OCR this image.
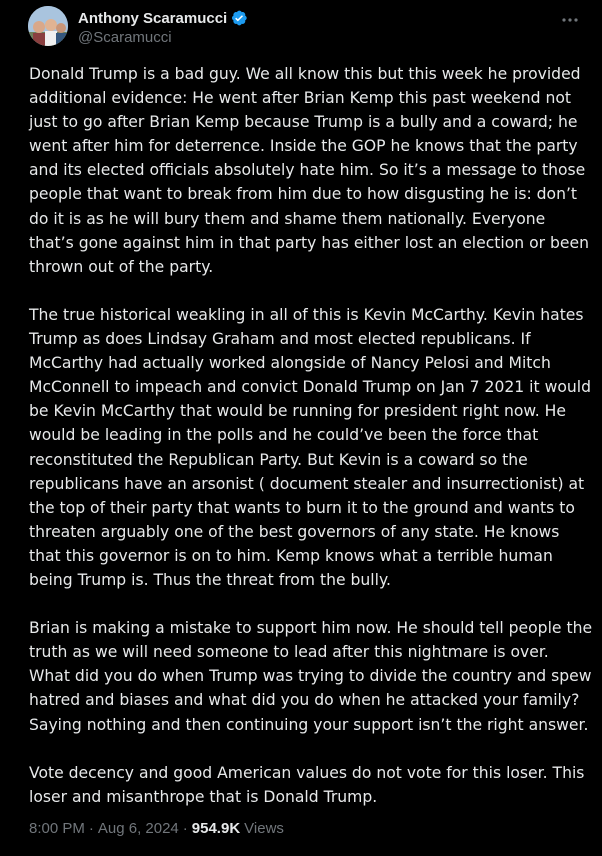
Anthony Scaramucci
@Scaramucci

Donald Trump is a bad guy. We all know this but this week he provided additional evidence: He went after Brian Kemp this past weekend not just to go after Brian Kemp because Trump is a bully and a coward; he went after him for deterrence. Inside the GOP he knows that the party and its elected officials absolutely hate him. So it’s a message to those people that want to break from him due to how disgusting he is: don’t do it is as he will bury them and shame them nationally. Everyone that’s gone against him in that party has either lost an election or been thrown out of the party.

The true historical weakling in all of this is Kevin McCarthy. Kevin hates Trump as does Lindsay Graham and most elected republicans. If McCarthy had actually worked alongside of Nancy Pelosi and Mitch McConnell to impeach and convict Donald Trump on Jan 7 2021 it would be Kevin McCarthy that would be running for president right now. He would be leading in the polls and he could’ve been the force that reconstituted the Republican Party. But Kevin is a coward so the republicans have an arsonist ( document stealer and insurrectionist) at the top of their party that wants to burn it to the ground and wants to threaten arguably one of the best governors of any state. He knows that this governor is on to him. Kemp knows what a terrible human being Trump is. Thus the threat from the bully.

Brian is making a mistake to support him now. He should tell people the truth as we will need someone to lead after this nightmare is over. What did you do when Trump was trying to divide the country and spew hatred and biases and what did you do when he attacked your family? Saying nothing and then continuing your support isn’t the right answer.

Vote decency and good American values do not vote for this loser. This loser and misanthrope that is Donald Trump.

8:00 PM · Aug 6, 2024 · 954.9K Views
